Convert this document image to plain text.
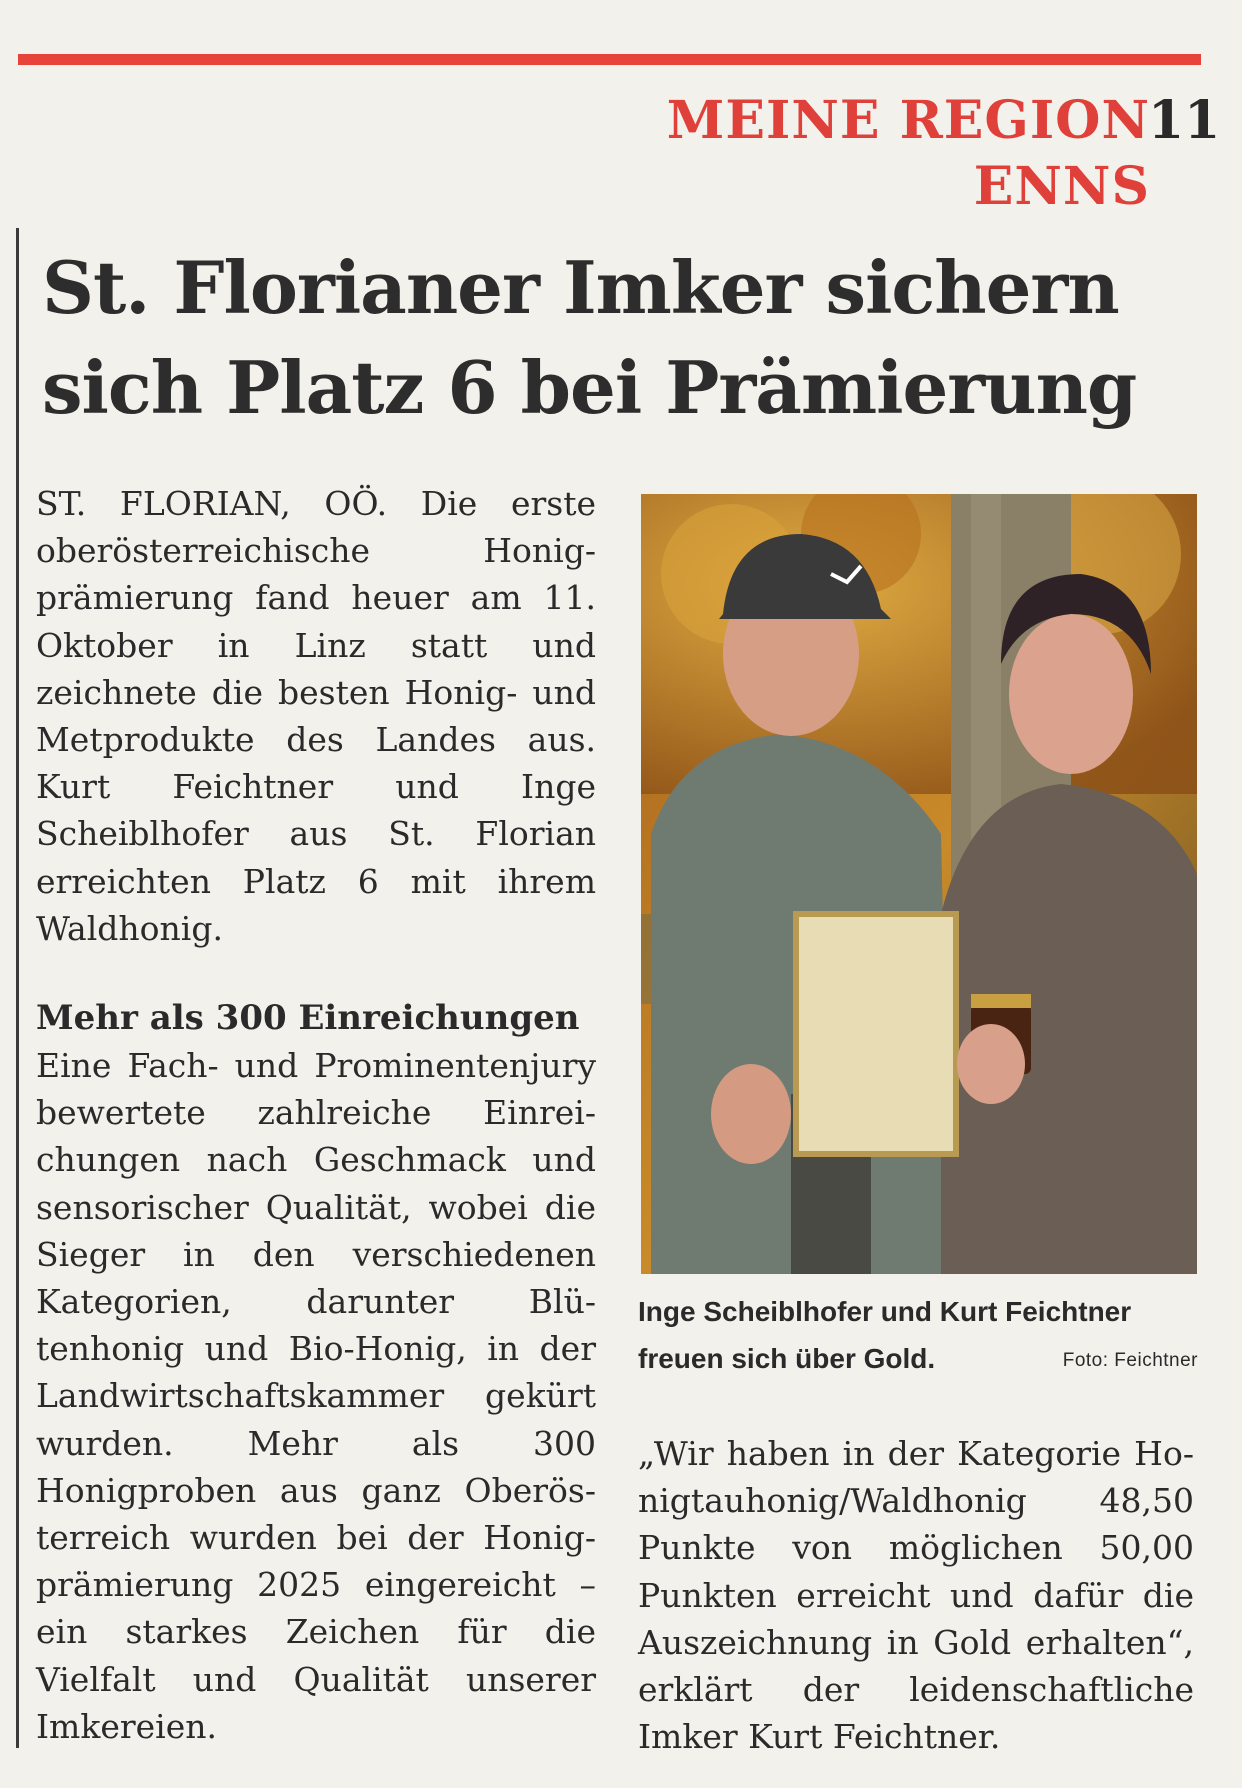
MEINE REGION ENNS
11
St. Florianer Imker sichern
sich Platz 6 bei Prämierung

ST. FLORIAN, OÖ. Die erste oberösterreichische Honigprämierung fand heuer am 11. Oktober in Linz statt und zeichnete die besten Honig- und Metprodukte des Landes aus. Kurt Feichtner und Inge Scheiblhofer aus St. Florian erreichten Platz 6 mit ihrem Waldhonig.

Mehr als 300 Einreichungen

Eine Fach- und Prominentenjury bewertete zahlreiche Einreichungen nach Geschmack und sensorischer Qualität, wobei die Sieger in den verschiedenen Kategorien, darunter Blütenhonig und Bio-Honig, in der Landwirtschaftskammer gekürt wurden. Mehr als 300 Honigproben aus ganz Oberösterreich wurden bei der Honigprämierung 2025 eingereicht – ein starkes Zeichen für die Vielfalt und Qualität unserer Imkereien.

Inge Scheiblhofer und Kurt Feichtner freuen sich über Gold.	Foto: Feichtner

„Wir haben in der Kategorie Honigtauhonig/Waldhonig 48,50 Punkte von möglichen 50,00 Punkten erreicht und dafür die Auszeichnung in Gold erhalten“, erklärt der leidenschaftliche Imker Kurt Feichtner.
